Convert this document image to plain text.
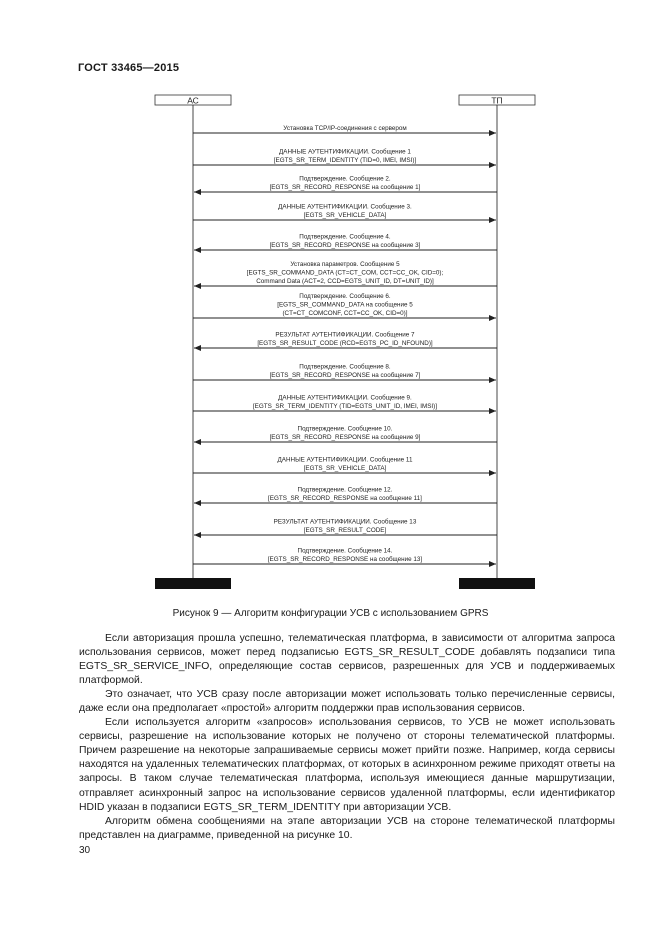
ГОСТ 33465—2015
АС	ТП
Установка TCP/IP-соединения с сервером
ДАННЫЕ АУТЕНТИФИКАЦИИ. Сообщение 1
[EGTS_SR_TERM_IDENTITY (TID=0, IMEI, IMSI)]
Подтверждение. Сообщение 2.
[EGTS_SR_RECORD_RESPONSE на сообщение 1]
ДАННЫЕ АУТЕНТИФИКАЦИИ. Сообщение 3.
[EGTS_SR_VEHICLE_DATA]
Подтверждение. Сообщение 4.
[EGTS_SR_RECORD_RESPONSE на сообщение 3]
Установка параметров. Сообщение 5
[EGTS_SR_COMMAND_DATA (CT=CT_COM, CCT=CC_OK, CID=0);
Command Data (ACT=2, CCD=EGTS_UNIT_ID, DT=UNIT_ID)]
Подтверждение. Сообщение 6.
[EGTS_SR_COMMAND_DATA на сообщение 5
(CT=CT_COMCONF, CCT=CC_OK, CID=0)]
РЕЗУЛЬТАТ АУТЕНТИФИКАЦИИ. Сообщение 7
[EGTS_SR_RESULT_CODE (RCD=EGTS_PC_ID_NFOUND)]
Подтверждение. Сообщение 8.
[EGTS_SR_RECORD_RESPONSE на сообщение 7]
ДАННЫЕ АУТЕНТИФИКАЦИИ. Сообщение 9.
[EGTS_SR_TERM_IDENTITY (TID=EGTS_UNIT_ID, IMEI, IMSI)]
Подтверждение. Сообщение 10.
[EGTS_SR_RECORD_RESPONSE на сообщение 9]
ДАННЫЕ АУТЕНТИФИКАЦИИ. Сообщение 11
[EGTS_SR_VEHICLE_DATA]
Подтверждение. Сообщение 12.
[EGTS_SR_RECORD_RESPONSE на сообщение 11]
РЕЗУЛЬТАТ АУТЕНТИФИКАЦИИ. Сообщение 13
[EGTS_SR_RESULT_CODE]
Подтверждение. Сообщение 14.
[EGTS_SR_RECORD_RESPONSE на сообщение 13]
Рисунок 9 — Алгоритм конфигурации УСВ с использованием GPRS

Если авторизация прошла успешно, телематическая платформа, в зависимости от алгоритма запроса использования сервисов, может перед подзаписью EGTS_SR_RESULT_CODE добавлять подзаписи типа EGTS_SR_SERVICE_INFO, определяющие состав сервисов, разрешенных для УСВ и поддерживаемых платформой.

Это означает, что УСВ сразу после авторизации может использовать только перечисленные сервисы, даже если она предполагает «простой» алгоритм поддержки прав использования сервисов.

Если используется алгоритм «запросов» использования сервисов, то УСВ не может использовать сервисы, разрешение на использование которых не получено от стороны телематической платформы. Причем разрешение на некоторые запрашиваемые сервисы может прийти позже. Например, когда сервисы находятся на удаленных телематических платформах, от которых в асинхронном режиме приходят ответы на запросы. В таком случае телематическая платформа, используя имеющиеся данные маршрутизации, отправляет асинхронный запрос на использование сервисов удаленной платформы, если идентификатор HDID указан в подзаписи EGTS_SR_TERM_IDENTITY при авторизации УСВ.

Алгоритм обмена сообщениями на этапе авторизации УСВ на стороне телематической платформы представлен на диаграмме, приведенной на рисунке 10.

30
